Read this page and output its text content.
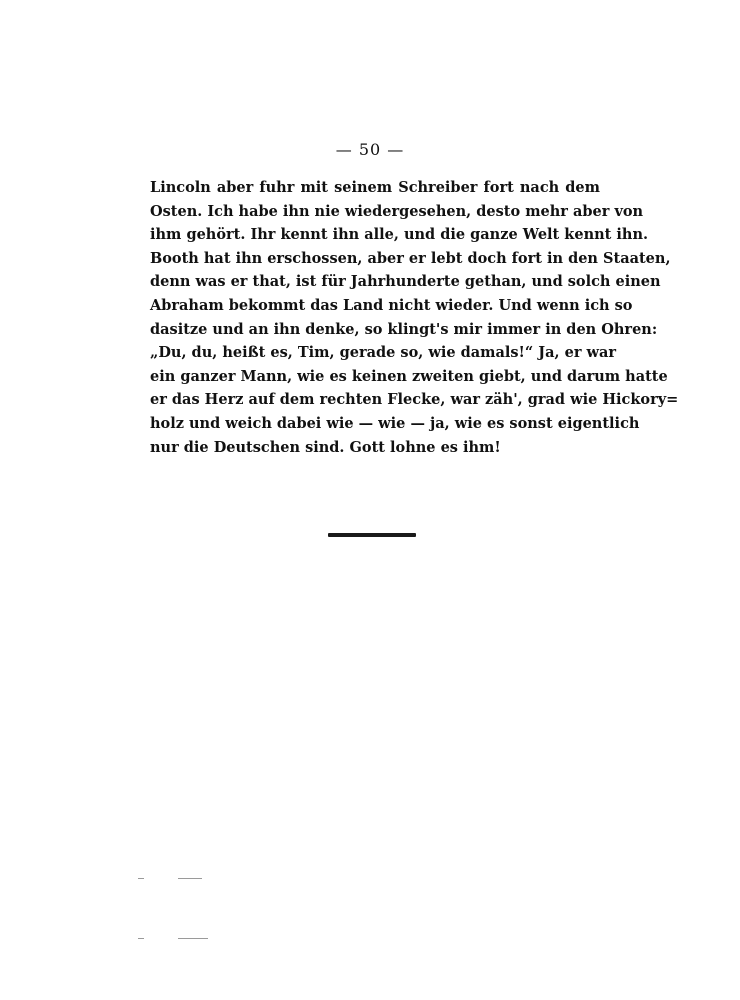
— 50 —
Lincoln aber fuhr mit seinem Schreiber fort nach dem
Osten. Ich habe ihn nie wiedergesehen, desto mehr aber von
ihm gehört. Ihr kennt ihn alle, und die ganze Welt kennt ihn.
Booth hat ihn erschossen, aber er lebt doch fort in den Staaten,
denn was er that, ist für Jahrhunderte gethan, und solch einen
Abraham bekommt das Land nicht wieder. Und wenn ich so
dasitze und an ihn denke, so klingt's mir immer in den Ohren:
„Du, du, heißt es, Tim, gerade so, wie damals!“ Ja, er war
ein ganzer Mann, wie es keinen zweiten giebt, und darum hatte
er das Herz auf dem rechten Flecke, war zäh', grad wie Hickory=
holz und weich dabei wie — wie — ja, wie es sonst eigentlich
nur die Deutschen sind. Gott lohne es ihm!
